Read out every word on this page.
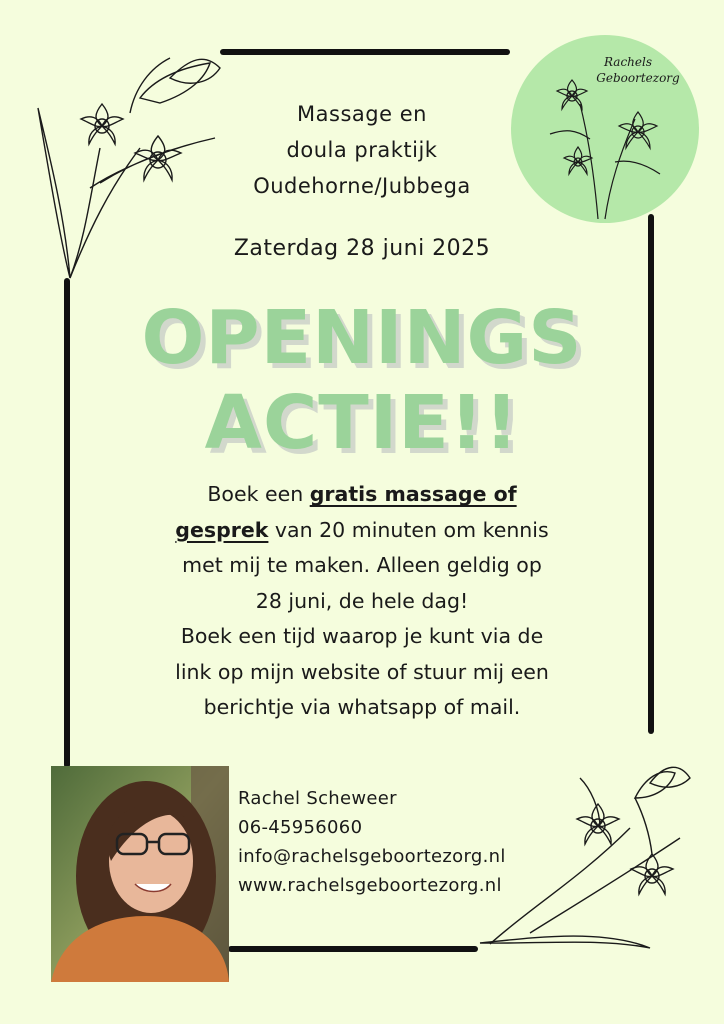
Rachels
Geboortezorg
Massage en
doula praktijk
Oudehorne/Jubbega
Zaterdag 28 juni 2025
OPENINGS
ACTIE!!
Boek een gratis massage of
gesprek van 20 minuten om kennis
met mij te maken. Alleen geldig op
28 juni, de hele dag!
Boek een tijd waarop je kunt via de
link op mijn website of stuur mij een
berichtje via whatsapp of mail.
Rachel Scheweer
06-45956060
info@rachelsgeboortezorg.nl
www.rachelsgeboortezorg.nl
